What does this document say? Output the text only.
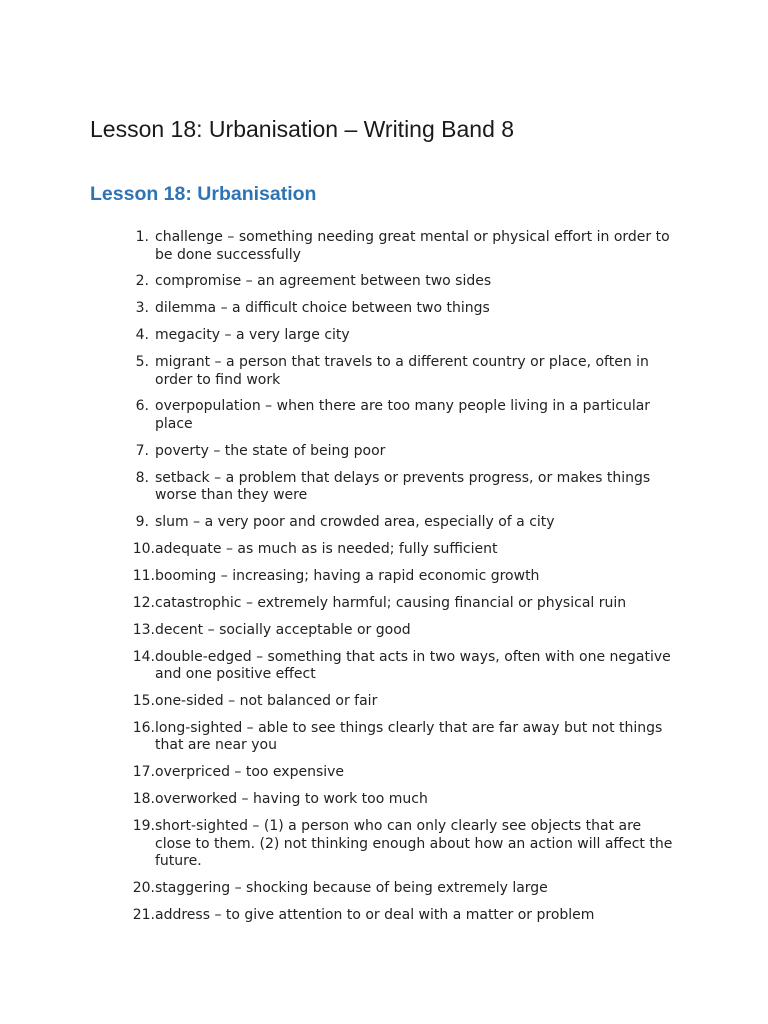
Lesson 18: Urbanisation – Writing Band 8
Lesson 18: Urbanisation
1. challenge – something needing great mental or physical effort in order to be done successfully
2. compromise – an agreement between two sides
3. dilemma – a difficult choice between two things
4. megacity – a very large city
5. migrant – a person that travels to a different country or place, often in order to find work
6. overpopulation – when there are too many people living in a particular place
7. poverty – the state of being poor
8. setback – a problem that delays or prevents progress, or makes things worse than they were
9. slum – a very poor and crowded area, especially of a city
10. adequate – as much as is needed; fully sufficient
11. booming – increasing; having a rapid economic growth
12. catastrophic – extremely harmful; causing financial or physical ruin
13. decent – socially acceptable or good
14. double-edged – something that acts in two ways, often with one negative and one positive effect
15. one-sided – not balanced or fair
16. long-sighted – able to see things clearly that are far away but not things that are near you
17. overpriced – too expensive
18. overworked – having to work too much
19. short-sighted – (1) a person who can only clearly see objects that are close to them. (2) not thinking enough about how an action will affect the future.
20. staggering – shocking because of being extremely large
21. address – to give attention to or deal with a matter or problem
